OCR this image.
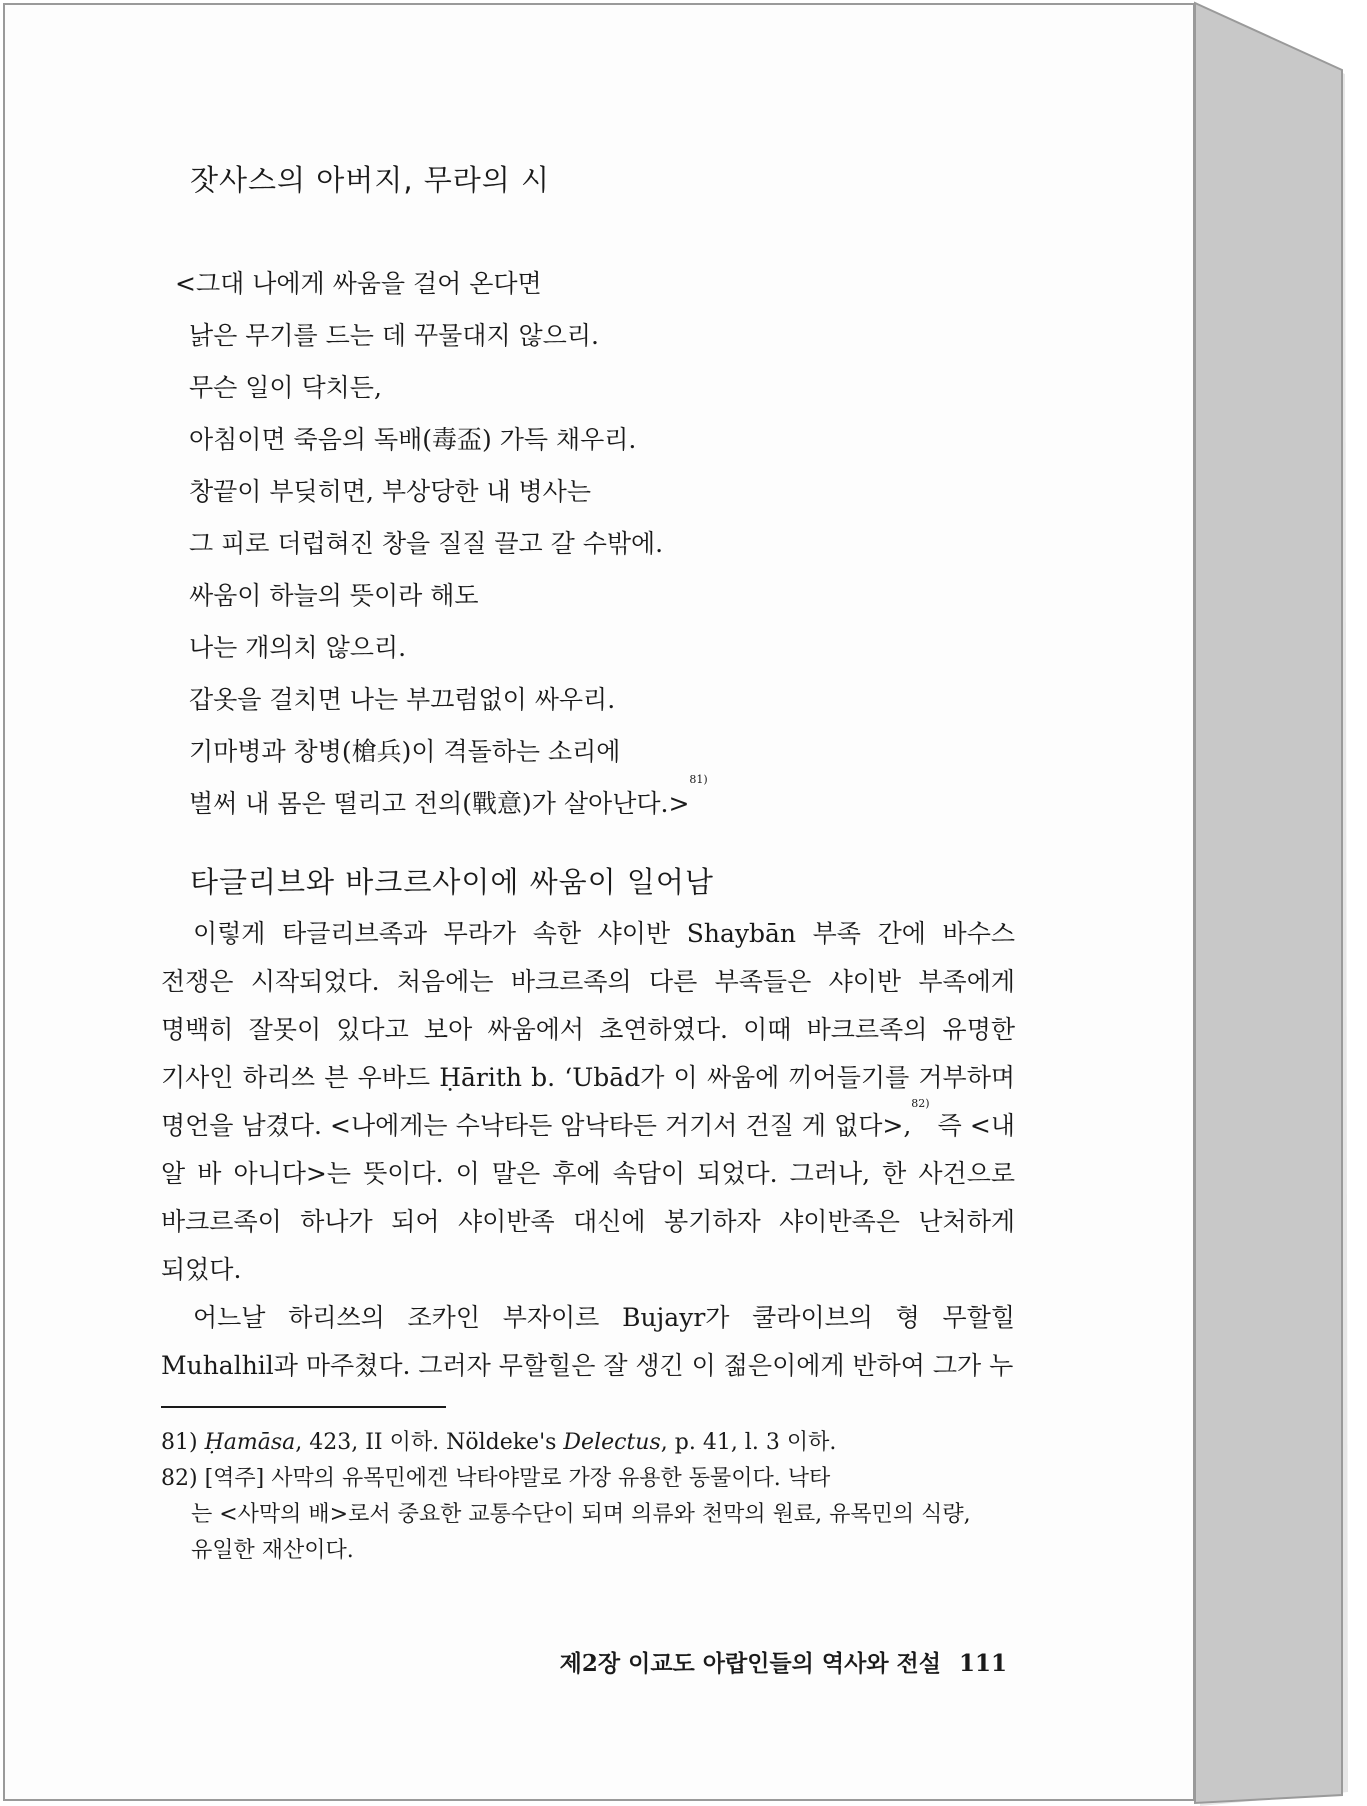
잣사스의 아버지, 무라의 시
<그대 나에게 싸움을 걸어 온다면
낡은 무기를 드는 데 꾸물대지 않으리.
무슨 일이 닥치든,
아침이면 죽음의 독배(毒盃) 가득 채우리.
창끝이 부딪히면, 부상당한 내 병사는
그 피로 더럽혀진 창을 질질 끌고 갈 수밖에.
싸움이 하늘의 뜻이라 해도
나는 개의치 않으리.
갑옷을 걸치면 나는 부끄럼없이 싸우리.
기마병과 창병(槍兵)이 격돌하는 소리에
벌써 내 몸은 떨리고 전의(戰意)가 살아난다.>$^{81)}$
타글리브와 바크르사이에 싸움이 일어남

이렇게 타글리브족과 무라가 속한 샤이반 Shaybān 부족 간에 바수스 전쟁은 시작되었다. 처음에는 바크르족의 다른 부족들은 샤이반 부족에게 명백히 잘못이 있다고 보아 싸움에서 초연하였다. 이때 바크르족의 유명한 기사인 하리쓰 븐 우바드 Ḥārith b. ‘Ubād가 이 싸움에 끼어들기를 거부하며 명언을 남겼다. <나에게는 수낙타든 암낙타든 거기서 건질 게 없다>,$^{82)}$ 즉 <내 알 바 아니다>는 뜻이다. 이 말은 후에 속담이 되었다. 그러나, 한 사건으로 바크르족이 하나가 되어 샤이반족 대신에 봉기하자 샤이반족은 난처하게 되었다.

어느날 하리쓰의 조카인 부자이르 Bujayr가 쿨라이브의 형 무할힐 Muhalhil과 마주쳤다. 그러자 무할힐은 잘 생긴 이 젊은이에게 반하여 그가 누

81) Ḥamāsa, 423, II 이하. Nöldeke's Delectus, p. 41, l. 3 이하.

82) [역주] 사막의 유목민에겐 낙타야말로 가장 유용한 동물이다. 낙타

는 <사막의 배>로서 중요한 교통수단이 되며 의류와 천막의 원료, 유목민의 식량, 유일한 재산이다.

제2장 이교도 아랍인들의 역사와 전설 111
